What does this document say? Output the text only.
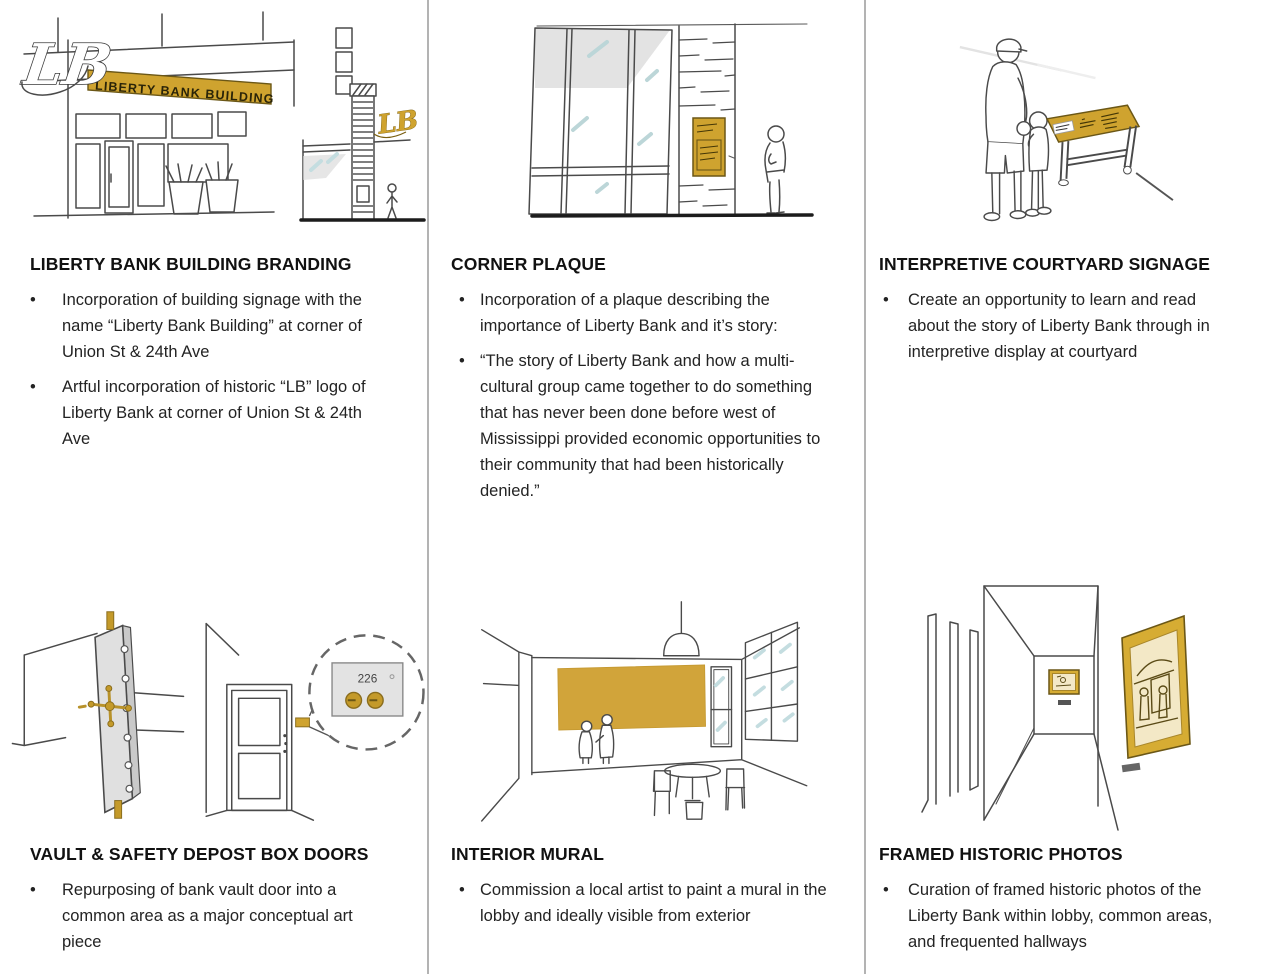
LIBERTY BANK BUILDING
LB
LB
LIBERTY BANK BUILDING BRANDING
•	Incorporation of building signage with the name “Liberty Bank Building” at corner of Union St & 24th Ave
•	Artful incorporation of historic “LB” logo of Liberty Bank at corner of Union St & 24th Ave
226
VAULT & SAFETY DEPOST BOX DOORS
•	Repurposing of bank vault door into a common area as a major conceptual art piece
CORNER PLAQUE
• Incorporation of a plaque describing the importance of Liberty Bank and it’s story:
• “The story of Liberty Bank and how a multi-cultural group came together to do something that has never been done before west of Mississippi provided economic opportunities to their community that had been historically denied.”
INTERIOR MURAL
• Commission a local artist to paint a mural in the lobby and ideally visible from exterior
INTERPRETIVE COURTYARD SIGNAGE
•	Create an opportunity to learn and read about the story of Liberty Bank through in interpretive display at courtyard
FRAMED HISTORIC PHOTOS
•	Curation of framed historic photos of the Liberty Bank within lobby, common areas, and frequented hallways
